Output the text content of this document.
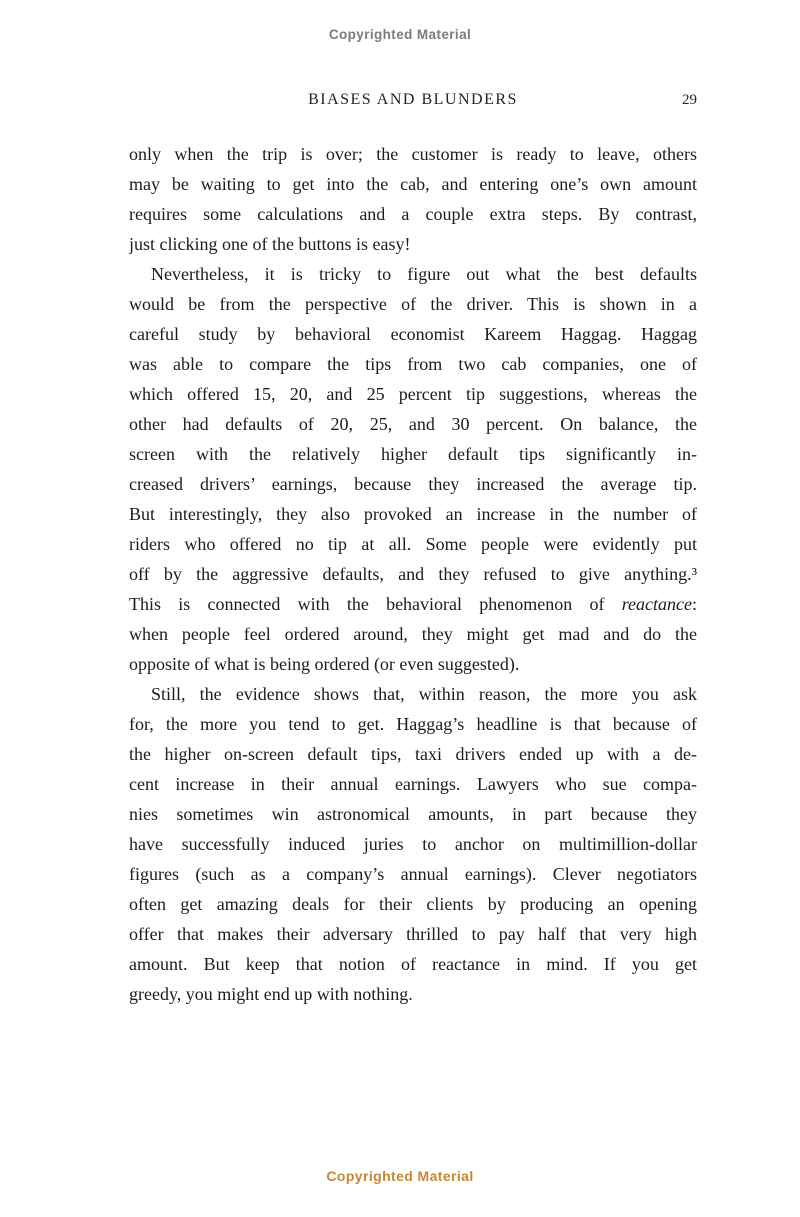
Copyrighted Material
BIASES AND BLUNDERS	29
only when the trip is over; the customer is ready to leave, others
may be waiting to get into the cab, and entering one’s own amount
requires some calculations and a couple extra steps. By contrast,
just clicking one of the buttons is easy!
Nevertheless, it is tricky to figure out what the best defaults
would be from the perspective of the driver. This is shown in a
careful study by behavioral economist Kareem Haggag. Haggag
was able to compare the tips from two cab companies, one of
which offered 15, 20, and 25 percent tip suggestions, whereas the
other had defaults of 20, 25, and 30 percent. On balance, the
screen with the relatively higher default tips significantly in-
creased drivers’ earnings, because they increased the average tip.
But interestingly, they also provoked an increase in the number of
riders who offered no tip at all. Some people were evidently put
off by the aggressive defaults, and they refused to give anything.³
This is connected with the behavioral phenomenon of reactance:
when people feel ordered around, they might get mad and do the
opposite of what is being ordered (or even suggested).
Still, the evidence shows that, within reason, the more you ask
for, the more you tend to get. Haggag’s headline is that because of
the higher on-screen default tips, taxi drivers ended up with a de-
cent increase in their annual earnings. Lawyers who sue compa-
nies sometimes win astronomical amounts, in part because they
have successfully induced juries to anchor on multimillion-dollar
figures (such as a company’s annual earnings). Clever negotiators
often get amazing deals for their clients by producing an opening
offer that makes their adversary thrilled to pay half that very high
amount. But keep that notion of reactance in mind. If you get
greedy, you might end up with nothing.
Copyrighted Material
